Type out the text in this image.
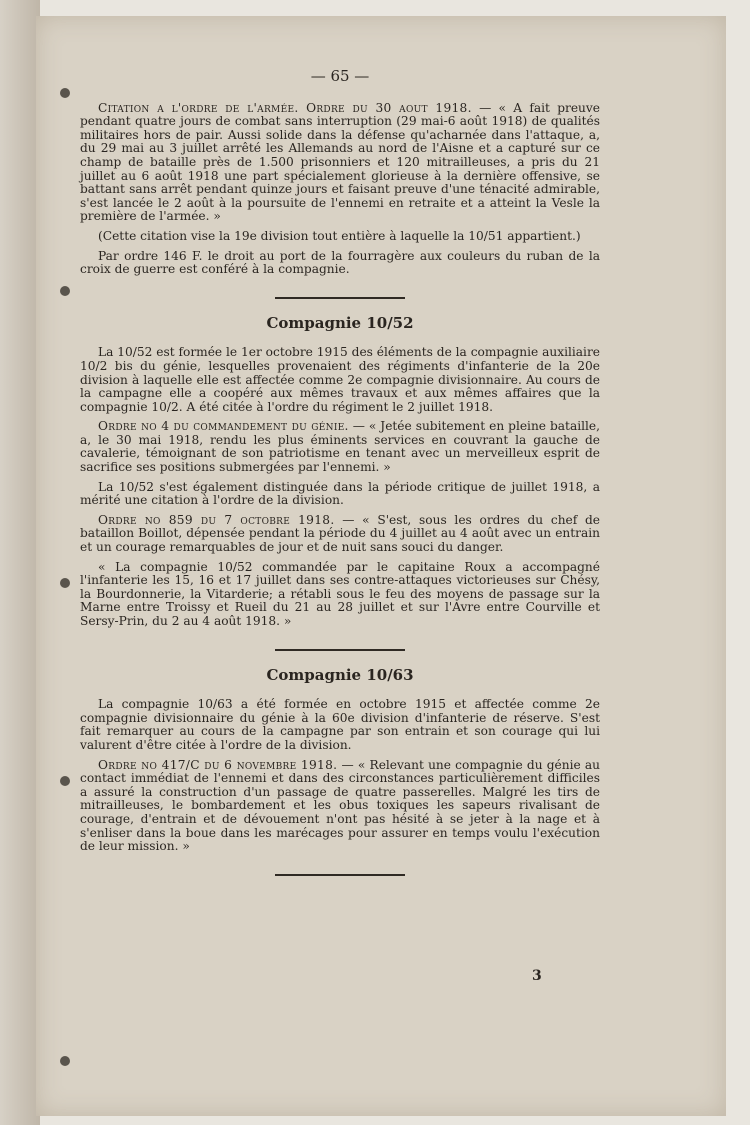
— 65 —

Citation a l'ordre de l'armée. Ordre du 30 aout 1918. — « A fait preuve pendant quatre jours de combat sans interruption (29 mai-6 août 1918) de qualités militaires hors de pair. Aussi solide dans la défense qu'acharnée dans l'attaque, a, du 29 mai au 3 juillet arrêté les Allemands au nord de l'Aisne et a capturé sur ce champ de bataille près de 1.500 prisonniers et 120 mitrailleuses, a pris du 21 juillet au 6 août 1918 une part spécialement glorieuse à la dernière offensive, se battant sans arrêt pendant quinze jours et faisant preuve d'une ténacité admirable, s'est lancée le 2 août à la poursuite de l'ennemi en retraite et a atteint la Vesle la première de l'armée. »

(Cette citation vise la 19e division tout entière à laquelle la 10/51 appartient.)

Par ordre 146 F. le droit au port de la fourragère aux couleurs du ruban de la croix de guerre est conféré à la compagnie.

Compagnie 10/52

La 10/52 est formée le 1er octobre 1915 des éléments de la compagnie auxiliaire 10/2 bis du génie, lesquelles provenaient des régiments d'infanterie de la 20e division à laquelle elle est affectée comme 2e compagnie divisionnaire. Au cours de la campagne elle a coopéré aux mêmes travaux et aux mêmes affaires que la compagnie 10/2. A été citée à l'ordre du régiment le 2 juillet 1918.

Ordre no 4 du commandement du génie. — « Jetée subitement en pleine bataille, a, le 30 mai 1918, rendu les plus éminents services en couvrant la gauche de cavalerie, témoignant de son patriotisme en tenant avec un merveilleux esprit de sacrifice ses positions submergées par l'ennemi. »

La 10/52 s'est également distinguée dans la période critique de juillet 1918, a mérité une citation à l'ordre de la division.

Ordre no 859 du 7 octobre 1918. — « S'est, sous les ordres du chef de bataillon Boillot, dépensée pendant la période du 4 juillet au 4 août avec un entrain et un courage remarquables de jour et de nuit sans souci du danger.

« La compagnie 10/52 commandée par le capitaine Roux a accompagné l'infanterie les 15, 16 et 17 juillet dans ses contre-attaques victorieuses sur Chésy, la Bourdonnerie, la Vitarderie; a rétabli sous le feu des moyens de passage sur la Marne entre Troissy et Rueil du 21 au 28 juillet et sur l'Avre entre Courville et Sersy-Prin, du 2 au 4 août 1918. »

Compagnie 10/63

La compagnie 10/63 a été formée en octobre 1915 et affectée comme 2e compagnie divisionnaire du génie à la 60e division d'infanterie de réserve. S'est fait remarquer au cours de la campagne par son entrain et son courage qui lui valurent d'être citée à l'ordre de la division.

Ordre no 417/C du 6 novembre 1918. — « Relevant une compagnie du génie au contact immédiat de l'ennemi et dans des circonstances particulièrement difficiles a assuré la construction d'un passage de quatre passerelles. Malgré les tirs de mitrailleuses, le bombardement et les obus toxiques les sapeurs rivalisant de courage, d'entrain et de dévouement n'ont pas hésité à se jeter à la nage et à s'enliser dans la boue dans les marécages pour assurer en temps voulu l'exécution de leur mission. »

3
